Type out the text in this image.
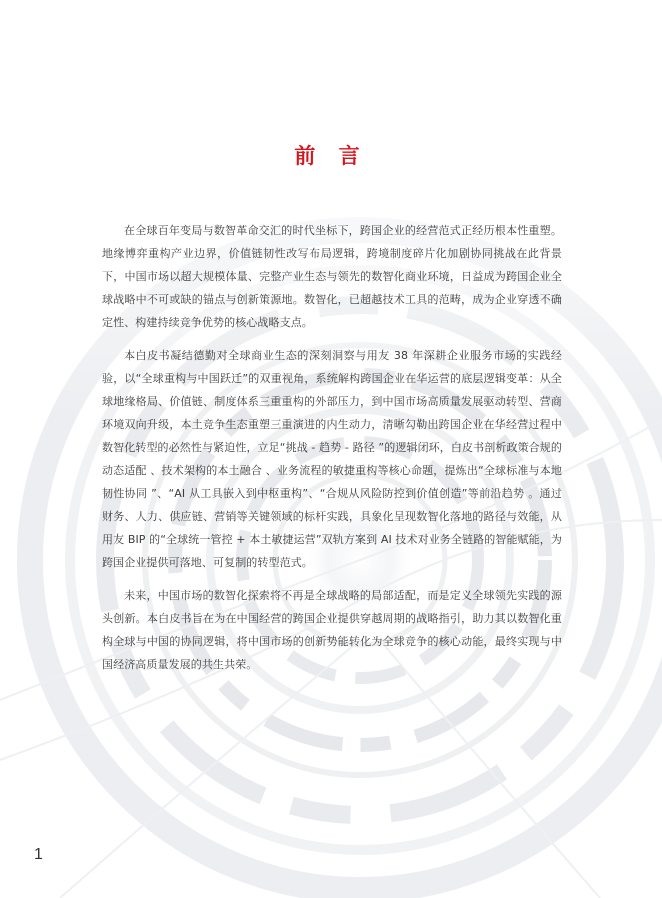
前 言

在全球百年变局与数智革命交汇的时代坐标下，跨国企业的经营范式正经历根本性重塑。地缘博弈重构产业边界，价值链韧性改写布局逻辑，跨境制度碎片化加剧协同挑战在此背景下，中国市场以超大规模体量、完整产业生态与领先的数智化商业环境，日益成为跨国企业全球战略中不可或缺的锚点与创新策源地。数智化，已超越技术工具的范畴，成为企业穿透不确定性、构建持续竞争优势的核心战略支点。

本白皮书凝结德勤对全球商业生态的深刻洞察与用友 38 年深耕企业服务市场的实践经验，以“全球重构与中国跃迁”的双重视角，系统解构跨国企业在华运营的底层逻辑变革：从全球地缘格局、价值链、制度体系三重重构的外部压力，到中国市场高质量发展驱动转型、营商环境双向升级，本土竞争生态重塑三重演进的内生动力，清晰勾勒出跨国企业在华经营过程中数智化转型的必然性与紧迫性，立足“挑战 - 趋势 - 路径 ”的逻辑闭环，白皮书剖析政策合规的动态适配 、技术架构的本土融合 、业务流程的敏捷重构等核心命题，提炼出“全球标准与本地韧性协同 ”、“AI 从工具嵌入到中枢重构”、“合规从风险防控到价值创造”等前沿趋势 。通过财务、人力、供应链、营销等关键领域的标杆实践，具象化呈现数智化落地的路径与效能，从用友 BIP 的“全球统一管控 + 本土敏捷运营”双轨方案到 AI 技术对业务全链路的智能赋能，为跨国企业提供可落地、可复制的转型范式。

未来，中国市场的数智化探索将不再是全球战略的局部适配，而是定义全球领先实践的源头创新。本白皮书旨在为在中国经营的跨国企业提供穿越周期的战略指引，助力其以数智化重构全球与中国的协同逻辑，将中国市场的创新势能转化为全球竞争的核心动能，最终实现与中国经济高质量发展的共生共荣。

1
